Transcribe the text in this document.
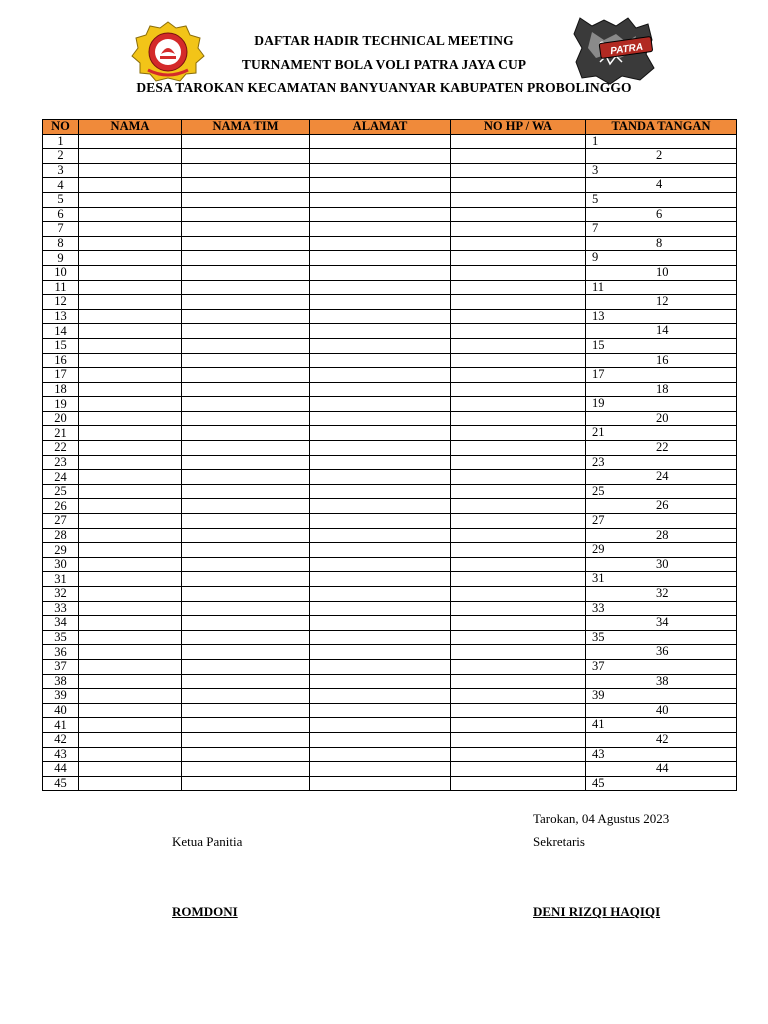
PATRA
DAFTAR HADIR TECHNICAL MEETING
TURNAMENT BOLA VOLI PATRA JAYA CUP
DESA TAROKAN KECAMATAN BANYUANYAR KABUPATEN PROBOLINGGO
NO	NAMA	NAMA TIM	ALAMAT	NO HP / WA	TANDA TANGAN
1					1

2					2

3					3

4					4

5					5

6					6

7					7

8					8

9					9

10					10

11					11

12					12

13					13

14					14

15					15

16					16

17					17

18					18

19					19

20					20

21					21

22					22

23					23

24					24

25					25

26					26

27					27

28					28

29					29

30					30

31					31

32					32

33					33

34					34

35					35

36					36

37					37

38					38

39					39

40					40

41					41

42					42

43					43

44					44

45					45
Tarokan, 04 Agustus 2023
Ketua Panitia	Sekretaris
ROMDONI	DENI RIZQI HAQIQI
